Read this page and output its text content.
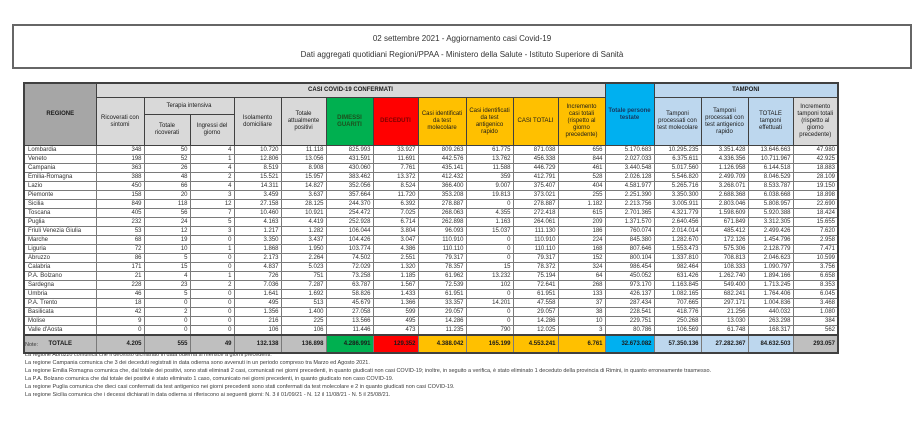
02 settembre 2021 - Aggiornamento casi Covid-19
Dati aggregati quotidiani Regioni/PPAA - Ministero della Salute - Istituto Superiore di Sanità
REGIONE	CASI COVID-19 CONFERMATI											Totale persone testate	TAMPONI			
	Ricoverati con sintomi	Terapia intensiva		Isolamento domiciliare	Totale attualmente positivi	DIMESSI GUARITI	DECEDUTI	Casi identificati da test molecolare	Casi identificati da test antigenico rapido	CASI TOTALI	Incremento casi totali (rispetto al giorno precedente)		Tamponi processati con test molecolare	Tamponi processati con test antigenico rapido	TOTALE tamponi effettuati	Incremento tamponi totali (rispetto al giorno precedente)
		Totale ricoverati	Ingressi del giorno													
Lombardia	348	50	4	10.720	11.118	825.993	33.927	809.263	61.775	871.038	656	5.170.683	10.295.235	3.351.428	13.646.663	47.980
Veneto	198	52	1	12.806	13.056	431.591	11.691	442.576	13.762	456.338	844	2.027.033	6.375.611	4.336.356	10.711.967	42.925
Campania	363	26	4	8.519	8.908	430.060	7.761	435.141	11.588	446.729	461	3.440.548	5.017.560	1.126.958	6.144.518	18.883
Emilia-Romagna	388	48	2	15.521	15.957	383.462	13.372	412.432	359	412.791	528	2.026.128	5.546.820	2.499.709	8.046.529	28.109
Lazio	450	66	4	14.311	14.827	352.056	8.524	366.400	9.007	375.407	404	4.581.977	5.265.716	3.268.071	8.533.787	19.150
Piemonte	158	20	3	3.459	3.637	357.664	11.720	353.208	19.813	373.021	255	2.251.390	3.350.300	2.688.368	6.038.668	18.898
Sicilia	849	118	12	27.158	28.125	244.370	6.392	278.887	0	278.887	1.182	2.213.756	3.005.911	2.803.046	5.808.957	22.690
Toscana	405	56	7	10.460	10.921	254.472	7.025	268.063	4.355	272.418	615	2.701.365	4.321.779	1.598.609	5.920.388	18.424
Puglia	232	24	5	4.163	4.419	252.928	6.714	262.898	1.163	264.061	209	1.371.570	2.640.456	671.849	3.312.305	15.655
Friuli Venezia Giulia	53	12	3	1.217	1.282	106.044	3.804	96.093	15.037	111.130	186	760.074	2.014.014	485.412	2.499.426	7.620
Marche	68	19	0	3.350	3.437	104.426	3.047	110.910	0	110.910	224	845.380	1.282.670	172.126	1.454.796	2.958
Liguria	72	10	1	1.868	1.950	103.774	4.386	110.110	0	110.110	168	807.646	1.553.473	575.306	2.128.779	7.471
Abruzzo	86	5	0	2.173	2.264	74.502	2.551	79.317	0	79.317	152	800.104	1.337.810	708.813	2.046.623	10.599
Calabria	171	15	0	4.837	5.023	72.029	1.320	78.357	15	78.372	324	986.454	982.464	108.333	1.090.797	3.756
P.A. Bolzano	21	4	1	726	751	73.258	1.185	61.962	13.232	75.194	64	450.052	631.426	1.262.740	1.894.166	6.658
Sardegna	228	23	2	7.036	7.287	63.787	1.567	72.539	102	72.641	268	973.170	1.163.845	549.400	1.713.245	8.353
Umbria	46	5	0	1.641	1.692	58.826	1.433	61.951	0	61.951	133	426.137	1.082.165	682.241	1.764.406	6.045
P.A. Trento	18	0	0	495	513	45.679	1.366	33.357	14.201	47.558	37	287.434	707.665	297.171	1.004.836	3.468
Basilicata	42	2	0	1.356	1.400	27.058	599	29.057	0	29.057	38	228.541	418.776	21.256	440.032	1.080
Molise	9	0	0	216	225	13.566	495	14.286	0	14.286	10	229.751	250.268	13.030	263.298	384
Valle d'Aosta	0	0	0	106	106	11.446	473	11.235	790	12.025	3	80.786	106.569	61.748	168.317	562
TOTALE	4.205	555	49	132.138	136.898	4.286.991	129.352	4.388.042	165.199	4.553.241	6.761	32.673.082	57.350.136	27.282.367	84.632.503	293.057
Note:
La regione Abruzzo comunica che il decesso dichiarato in data odierna si riferisce a giorni precedenti.
La regione Campania comunica che 3 dei deceduti registrati in data odierna sono avvenuti in un periodo compreso tra Marzo ed Agosto 2021.
La regione Emilia Romagna comunica che, dal totale dei positivi, sono stati eliminati 2 casi, comunicati nei giorni precedenti, in quanto giudicati non casi COVID-19; inoltre, in seguito a verifica, è stato eliminato 1 deceduto della provincia di Rimini, in quanto erroneamente trasmesso.
La P.A. Bolzano comunica che dal totale dei positivi è stato eliminato 1 caso, comunicato nei giorni precedenti, in quanto giudicato non caso COVID-19.
La regione Puglia comunica che dieci casi confermati da test antigenico nei giorni precedenti sono stati confermati da test molecolare e 2 in quanto giudicati non casi COVID-19.
La regione Sicilia comunica che i decessi dichiarati in data odierna si riferiscono ai seguenti giorni: N. 3 il 01/09/21 - N. 12 il 11/08/21 - N. 5 il 25/08/21.
